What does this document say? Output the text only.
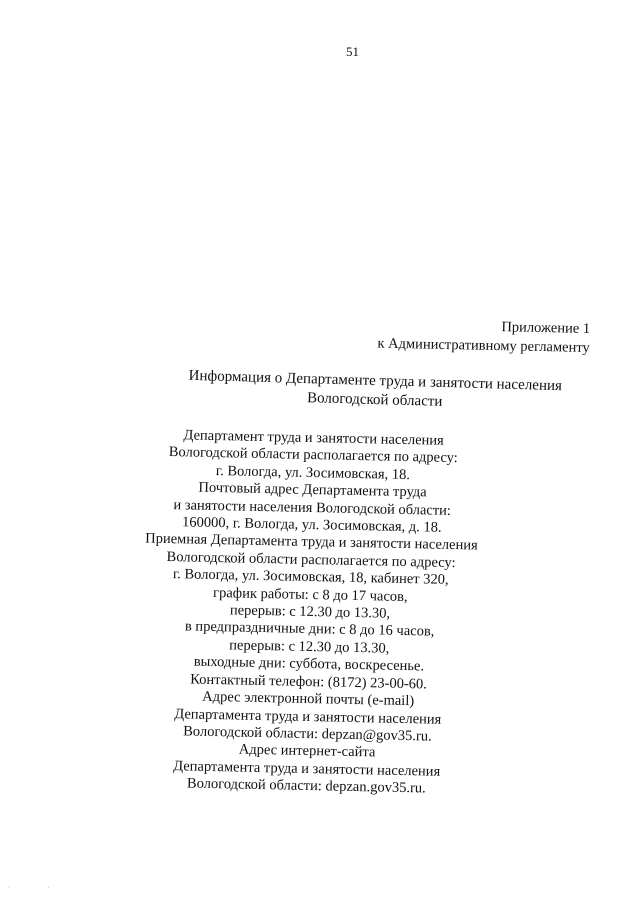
51
Приложение 1
к Административному регламенту
Информация о Департаменте труда и занятости населения
Вологодской области
Департамент труда и занятости населения
Вологодской области располагается по адресу:
г. Вологда, ул. Зосимовская, 18.
Почтовый адрес Департамента труда
и занятости населения Вологодской области:
160000, г. Вологда, ул. Зосимовская, д. 18.
Приемная Департамента труда и занятости населения
Вологодской области располагается по адресу:
г. Вологда, ул. Зосимовская, 18, кабинет 320,
график работы: с 8 до 17 часов,
перерыв: с 12.30 до 13.30,
в предпраздничные дни: с 8 до 16 часов,
перерыв: с 12.30 до 13.30,
выходные дни: суббота, воскресенье.
Контактный телефон: (8172) 23-00-60.
Адрес электронной почты (e-mail)
Департамента труда и занятости населения
Вологодской области: depzan@gov35.ru.
Адрес интернет-сайта
Департамента труда и занятости населения
Вологодской области: depzan.gov35.ru.
· ·
